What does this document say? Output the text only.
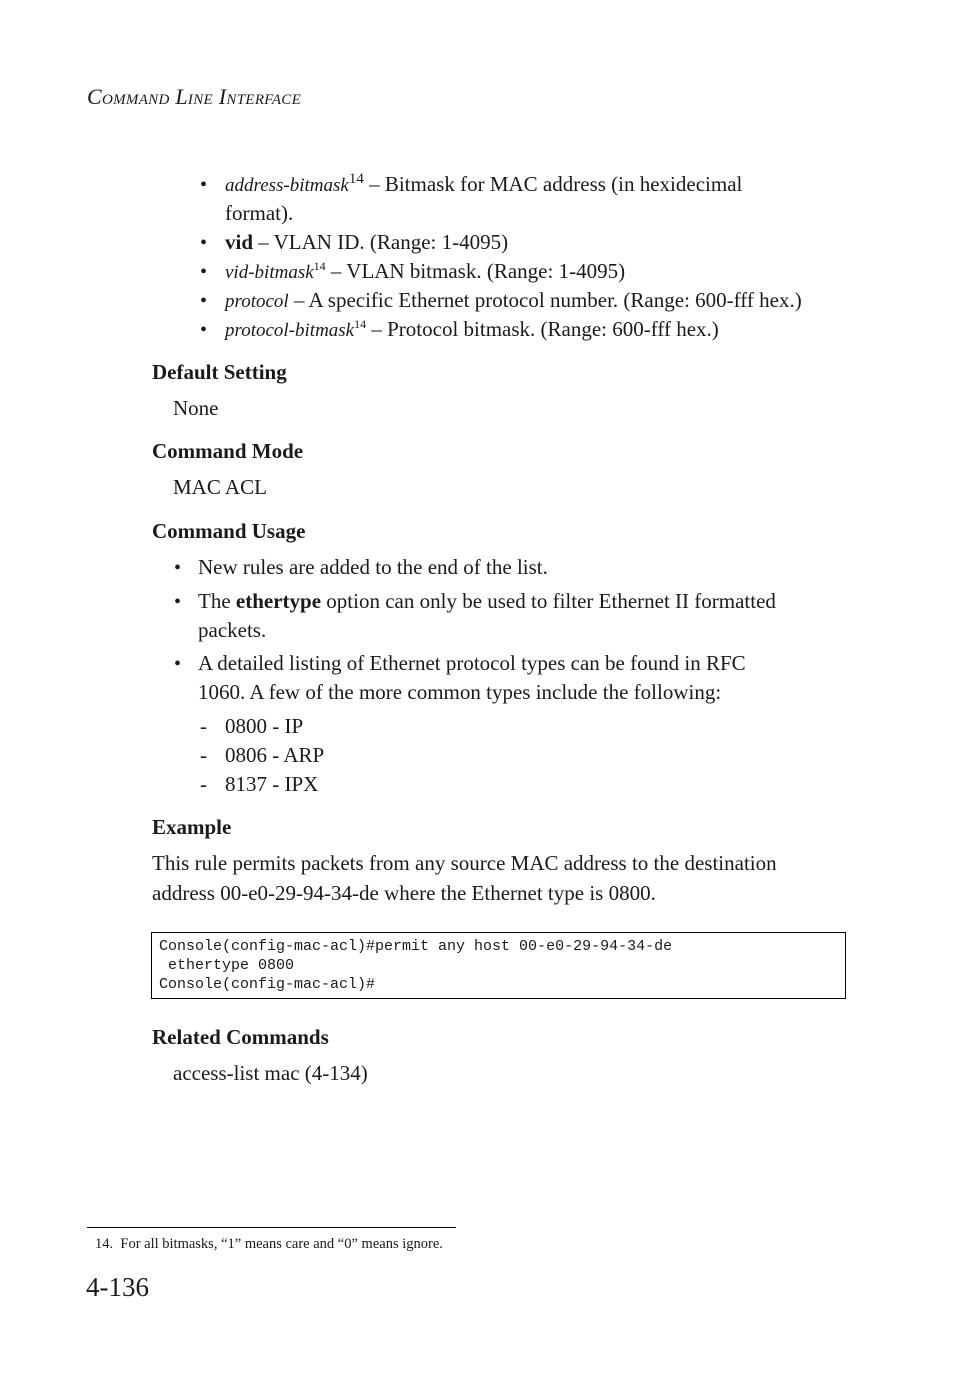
Command Line Interface
• address-bitmask$^{14}$ – Bitmask for MAC address (in hexidecimal
format).
• vid – VLAN ID. (Range: 1-4095)
• vid-bitmask$^{14}$ – VLAN bitmask. (Range: 1-4095)
• protocol – A specific Ethernet protocol number. (Range: 600-fff hex.)
• protocol-bitmask$^{14}$ – Protocol bitmask. (Range: 600-fff hex.)
Default Setting
None
Command Mode
MAC ACL
Command Usage
• New rules are added to the end of the list.
• The ethertype option can only be used to filter Ethernet II formatted
packets.
• A detailed listing of Ethernet protocol types can be found in RFC
1060. A few of the more common types include the following:
- 0800 - IP
- 0806 - ARP
- 8137 - IPX
Example
This rule permits packets from any source MAC address to the destination
address 00-e0-29-94-34-de where the Ethernet type is 0800.
Console(config-mac-acl)#permit any host 00-e0-29-94-34-de
ethertype 0800
Console(config-mac-acl)#
Related Commands
access-list mac (4-134)
14. For all bitmasks, “1” means care and “0” means ignore.
4-136
